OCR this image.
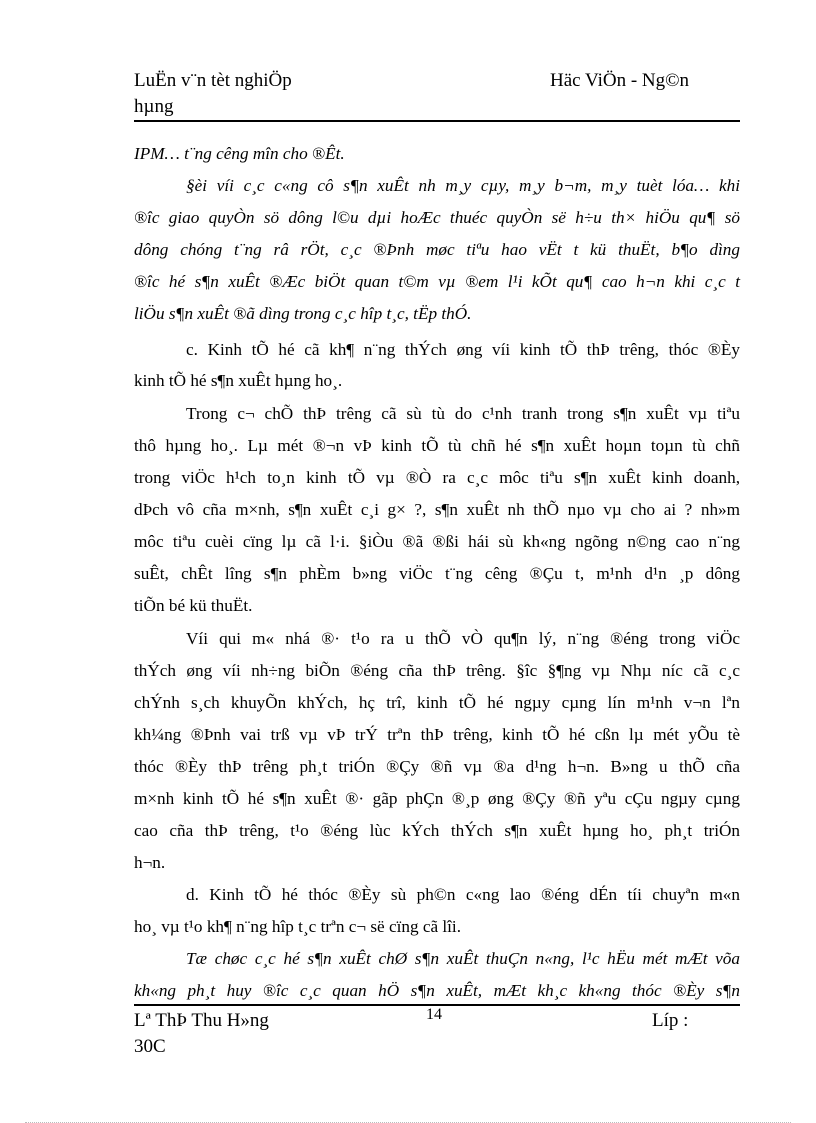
LuËn v¨n tèt nghiÖp	Häc ViÖn - Ng©n
hµng
IPM… t¨ng cêng mîn cho ®Êt.
§èi víi c¸c c«ng cô s¶n xuÊt nh m¸y cµy, m¸y b¬m, m¸y tuèt lóa… khi
®îc giao quyÒn sö dông l©u dµi hoÆc thuéc quyÒn së h÷u th× hiÖu qu¶ sö
dông chóng t¨ng râ rÖt, c¸c ®Þnh møc tiªu hao vËt t kü thuËt, b¶o dìng
®îc hé s¶n xuÊt ®Æc biÖt quan t©m vµ ®em l¹i kÕt qu¶ cao h¬n khi c¸c t
liÖu s¶n xuÊt ®ã dìng trong c¸c hîp t¸c, tËp thÓ.
c. Kinh tÕ hé cã kh¶ n¨ng thÝch øng víi kinh tÕ thÞ trêng, thóc ®Èy
kinh tÕ hé s¶n xuÊt hµng ho¸.
Trong c¬ chÕ thÞ trêng cã sù tù do c¹nh tranh trong s¶n xuÊt vµ tiªu
thô hµng ho¸. Lµ mét ®¬n vÞ kinh tÕ tù chñ hé s¶n xuÊt hoµn toµn tù chñ
trong viÖc h¹ch to¸n kinh tÕ vµ ®Ò ra c¸c môc tiªu s¶n xuÊt kinh doanh,
dÞch vô cña m×nh, s¶n xuÊt c¸i g× ?, s¶n xuÊt nh thÕ nµo vµ cho ai ? nh»m
môc tiªu cuèi cïng lµ cã l·i. §iÒu ®ã ®ßi hái sù kh«ng ngõng n©ng cao n¨ng
suÊt, chÊt lîng s¶n phÈm b»ng viÖc t¨ng cêng ®Çu t, m¹nh d¹n ¸p dông
tiÕn bé kü thuËt.
Víi qui m« nhá ®· t¹o ra u thÕ vÒ qu¶n lý, n¨ng ®éng trong viÖc
thÝch øng víi nh÷ng biÕn ®éng cña thÞ trêng. §îc §¶ng vµ Nhµ níc cã c¸c
chÝnh s¸ch khuyÕn khÝch, hç trî, kinh tÕ hé ngµy cµng lín m¹nh v¬n lªn
kh¼ng ®Þnh vai trß vµ vÞ trÝ trªn thÞ trêng, kinh tÕ hé cßn lµ mét yÕu tè
thóc ®Èy thÞ trêng ph¸t triÓn ®Çy ®ñ vµ ®a d¹ng h¬n. B»ng u thÕ cña
m×nh kinh tÕ hé s¶n xuÊt ®· gãp phÇn ®¸p øng ®Çy ®ñ yªu cÇu ngµy cµng
cao cña thÞ trêng, t¹o ®éng lùc kÝch thÝch s¶n xuÊt hµng ho¸ ph¸t triÓn
h¬n.
d. Kinh tÕ hé thóc ®Èy sù ph©n c«ng lao ®éng dÉn tíi chuyªn m«n
ho¸ vµ t¹o kh¶ n¨ng hîp t¸c trªn c¬ së cïng cã lîi.
Tæ chøc c¸c hé s¶n xuÊt chØ s¶n xuÊt thuÇn n«ng, l¹c hËu mét mÆt võa
kh«ng ph¸t huy ®îc c¸c quan hÖ s¶n xuÊt, mÆt kh¸c kh«ng thóc ®Èy s¶n
Lª ThÞ Thu H»ng	14	Líp :
30C
